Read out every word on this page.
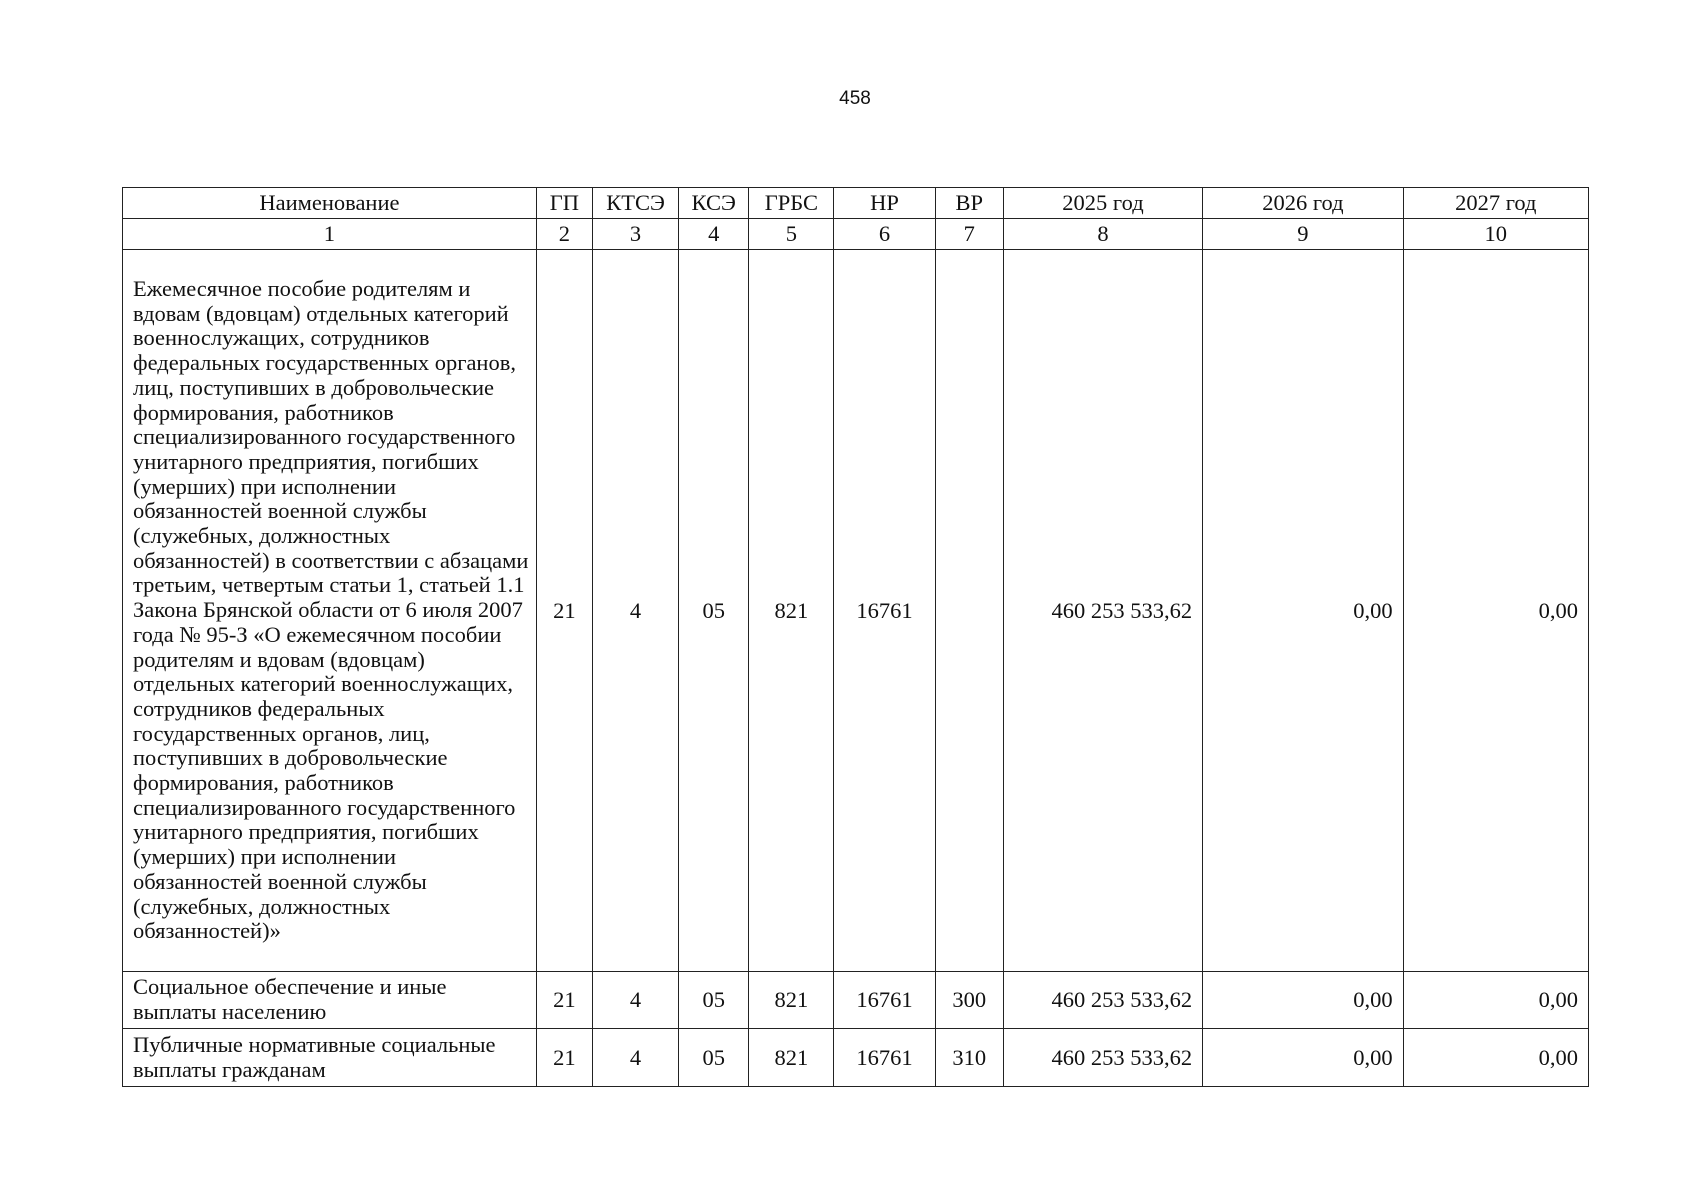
458
Наименование	ГП	КТСЭ	КСЭ	ГРБС	НР	ВР	2025 год	2026 год	2027 год
1	2	3	4	5	6	7	8	9	10
Ежемесячное пособие родителям и вдовам (вдовцам) отдельных категорий военнослужащих, сотрудников федеральных государственных органов, лиц, поступивших в добровольческие формирования, работников специализированного государственного унитарного предприятия, погибших (умерших) при исполнении обязанностей военной службы (служебных, должностных обязанностей) в соответствии с абзацами третьим, четвертым статьи 1, статьей 1.1 Закона Брянской области от 6 июля 2007 года № 95-З «О ежемесячном пособии родителям и вдовам (вдовцам) отдельных категорий военнослужащих, сотрудников федеральных государственных органов, лиц, поступивших в добровольческие формирования, работников специализированного государственного унитарного предприятия, погибших (умерших) при исполнении обязанностей военной службы (служебных, должностных обязанностей)»	21	4	05	821	16761		460 253 533,62	0,00	0,00
Социальное обеспечение и иные выплаты населению	21	4	05	821	16761	300	460 253 533,62	0,00	0,00
Публичные нормативные социальные выплаты гражданам	21	4	05	821	16761	310	460 253 533,62	0,00	0,00
